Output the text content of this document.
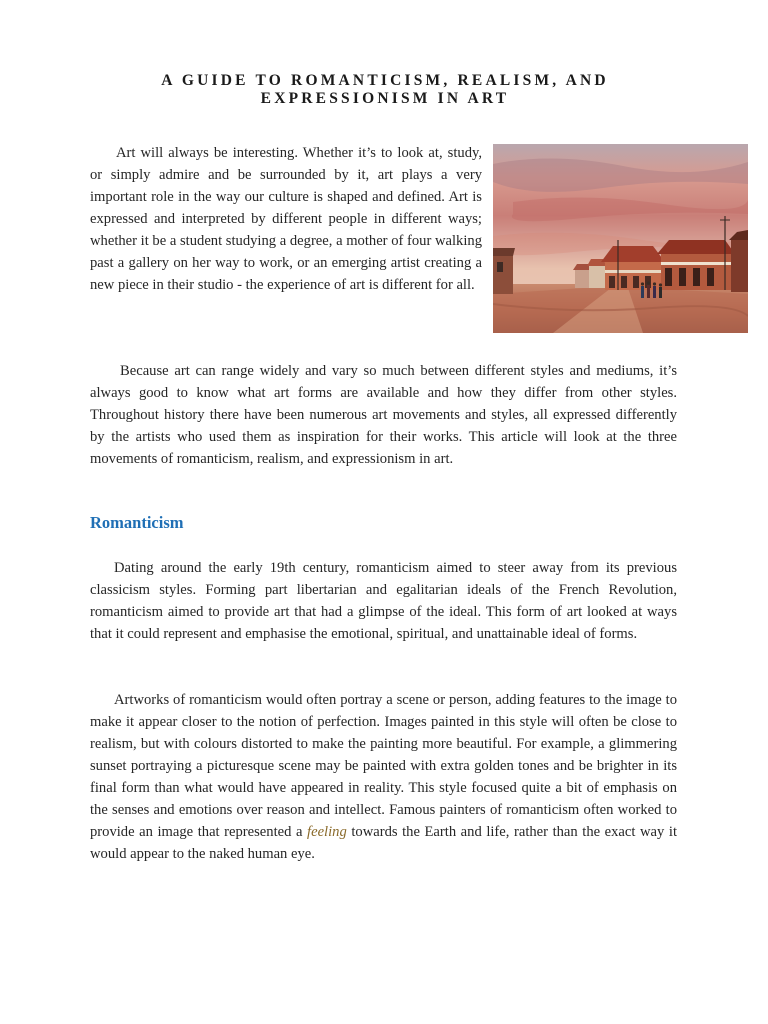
A GUIDE TO ROMANTICISM, REALISM, AND EXPRESSIONISM IN ART

Art will always be interesting. Whether it’s to look at, study, or simply admire and be surrounded by it, art plays a very important role in the way our culture is shaped and defined. Art is expressed and interpreted by different people in different ways; whether it be a student studying a degree, a mother of four walking past a gallery on her way to work, or an emerging artist creating a new piece in their studio - the experience of art is different for all.

Because art can range widely and vary so much between different styles and mediums, it’s always good to know what art forms are available and how they differ from other styles. Throughout history there have been numerous art movements and styles, all expressed differently by the artists who used them as inspiration for their works. This article will look at the three movements of romanticism, realism, and expressionism in art.

Romanticism

Dating around the early 19th century, romanticism aimed to steer away from its previous classicism styles. Forming part libertarian and egalitarian ideals of the French Revolution, romanticism aimed to provide art that had a glimpse of the ideal. This form of art looked at ways that it could represent and emphasise the emotional, spiritual, and unattainable ideal of forms.

Artworks of romanticism would often portray a scene or person, adding features to the image to make it appear closer to the notion of perfection. Images painted in this style will often be close to realism, but with colours distorted to make the painting more beautiful. For example, a glimmering sunset portraying a picturesque scene may be painted with extra golden tones and be brighter in its final form than what would have appeared in reality. This style focused quite a bit of emphasis on the senses and emotions over reason and intellect. Famous painters of romanticism often worked to provide an image that represented a feeling towards the Earth and life, rather than the exact way it would appear to the naked human eye.
